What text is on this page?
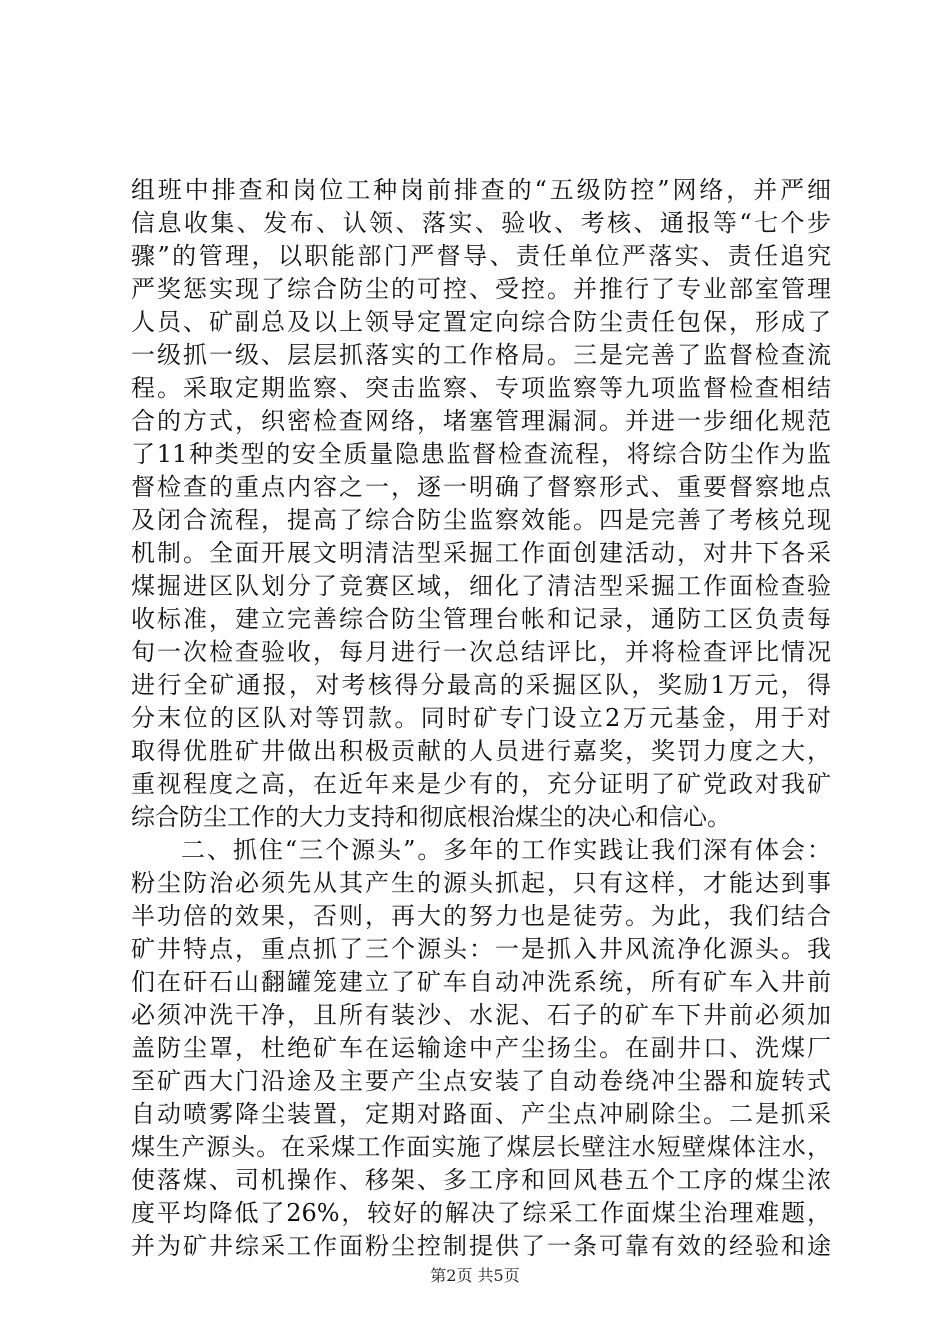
组班中排查和岗位工种岗前排查的“五级防控”网络，并严细
信息收集、发布、认领、落实、验收、考核、通报等“七个步
骤”的管理，以职能部门严督导、责任单位严落实、责任追究
严奖惩实现了综合防尘的可控、受控。并推行了专业部室管理
人员、矿副总及以上领导定置定向综合防尘责任包保，形成了
一级抓一级、层层抓落实的工作格局。三是完善了监督检查流
程。采取定期监察、突击监察、专项监察等九项监督检查相结
合的方式，织密检查网络，堵塞管理漏洞。并进一步细化规范
了11种类型的安全质量隐患监督检查流程，将综合防尘作为监
督检查的重点内容之一，逐一明确了督察形式、重要督察地点
及闭合流程，提高了综合防尘监察效能。四是完善了考核兑现
机制。全面开展文明清洁型采掘工作面创建活动，对井下各采
煤掘进区队划分了竞赛区域，细化了清洁型采掘工作面检查验
收标准，建立完善综合防尘管理台帐和记录，通防工区负责每
旬一次检查验收，每月进行一次总结评比，并将检查评比情况
进行全矿通报，对考核得分最高的采掘区队，奖励1万元，得
分末位的区队对等罚款。同时矿专门设立2万元基金，用于对
取得优胜矿井做出积极贡献的人员进行嘉奖，奖罚力度之大，
重视程度之高，在近年来是少有的，充分证明了矿党政对我矿
综合防尘工作的大力支持和彻底根治煤尘的决心和信心。
二、抓住“三个源头”。多年的工作实践让我们深有体会：
粉尘防治必须先从其产生的源头抓起，只有这样，才能达到事
半功倍的效果，否则，再大的努力也是徒劳。为此，我们结合
矿井特点，重点抓了三个源头：一是抓入井风流净化源头。我
们在矸石山翻罐笼建立了矿车自动冲洗系统，所有矿车入井前
必须冲洗干净，且所有装沙、水泥、石子的矿车下井前必须加
盖防尘罩，杜绝矿车在运输途中产尘扬尘。在副井口、洗煤厂
至矿西大门沿途及主要产尘点安装了自动卷绕冲尘器和旋转式
自动喷雾降尘装置，定期对路面、产尘点冲刷除尘。二是抓采
煤生产源头。在采煤工作面实施了煤层长壁注水短壁煤体注水，
使落煤、司机操作、移架、多工序和回风巷五个工序的煤尘浓
度平均降低了26%，较好的解决了综采工作面煤尘治理难题，
并为矿井综采工作面粉尘控制提供了一条可靠有效的经验和途
第2页 共5页
